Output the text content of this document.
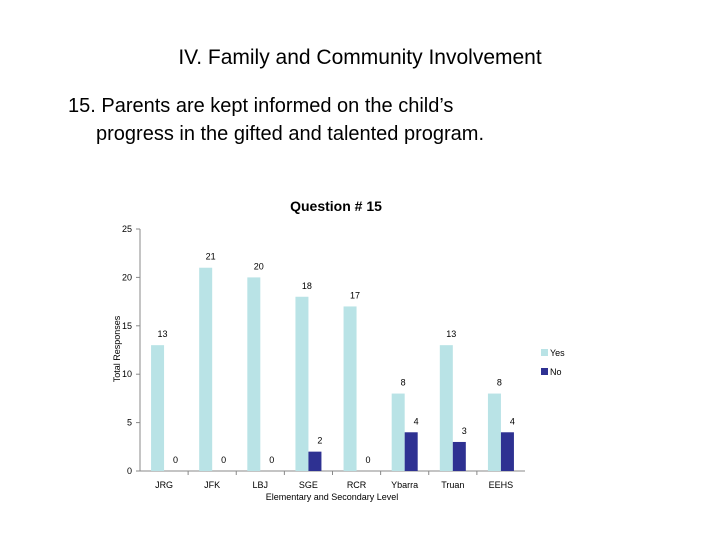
IV. Family and Community Involvement

15. Parents are kept informed on the child’s
progress in the gifted and talented program.

Question # 15
Total Responses
Elementary and Secondary Level
0
5
10
15
20
25
JRG	JFK	LBJ	SGE	RCR	Ybarra	Truan	EEHS
13
0
21
0
20
0
18
2
17
0
8
4
13
3
8
4
Yes
No
